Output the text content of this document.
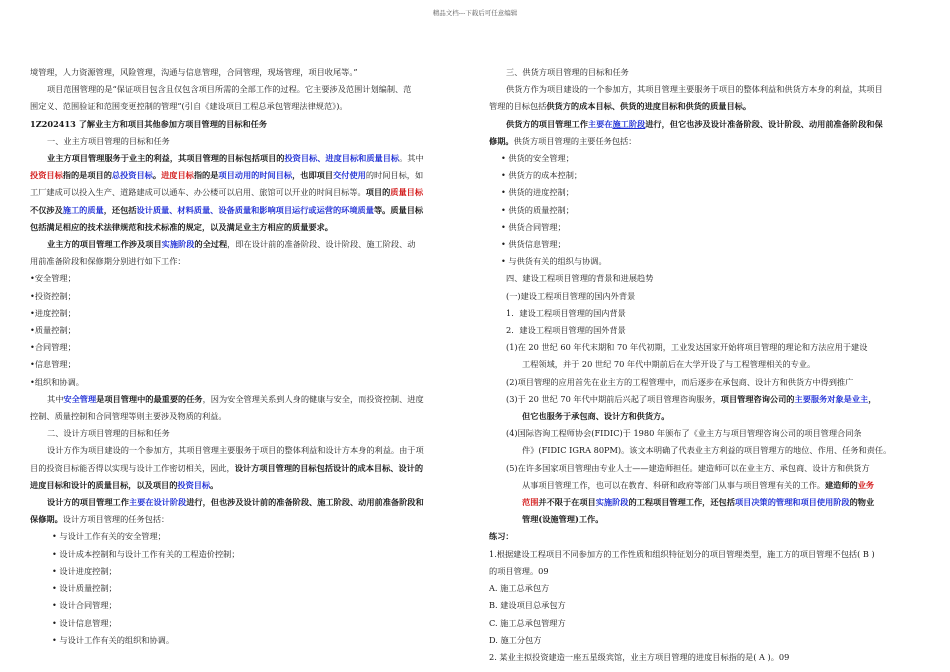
精品文档---下载后可任意编辑

境管理，人力资源管理，风险管理，沟通与信息管理，合同管理，现场管理，项目收尾等。”

项目范围管理的是“保证项目包含且仅包含项目所需的全部工作的过程。它主要涉及范围计划编制、范

围定义、范围验证和范围变更控制的管理”(引自《建设项目工程总承包管理法律规范》)。

1Z202413 了解业主方和项目其他参加方项目管理的目标和任务

一、业主方项目管理的目标和任务

业主方项目管理服务于业主的利益，其项目管理的目标包括项目的投资目标、进度目标和质量目标。其中

投资目标指的是项目的总投资目标。进度目标指的是项目动用的时间目标，也即项目交付使用的时间目标，如

工厂建成可以投入生产、道路建成可以通车、办公楼可以启用、旅馆可以开业的时间目标等。项目的质量目标

不仅涉及施工的质量，还包括设计质量、材料质量、设备质量和影响项目运行或运营的环境质量等。质量目标

包括满足相应的技术法律规范和技术标准的规定，以及满足业主方相应的质量要求。

业主方的项目管理工作涉及项目实施阶段的全过程，即在设计前的准备阶段、设计阶段、施工阶段、动

用前准备阶段和保修期分别进行如下工作：

•安全管理；

•投资控制；

•进度控制；

•质量控制；

•合同管理；

•信息管理；

•组织和协调。

其中安全管理是项目管理中的最重要的任务，因为安全管理关系到人身的健康与安全，而投资控制、进度

控制、质量控制和合同管理等则主要涉及物质的利益。

二、设计方项目管理的目标和任务

设计方作为项目建设的一个参加方，其项目管理主要服务于项目的整体利益和设计方本身的利益。由于项

目的投资目标能否得以实现与设计工作密切相关，因此，设计方项目管理的目标包括设计的成本目标、设计的

进度目标和设计的质量目标，以及项目的投资目标。

设计方的项目管理工作主要在设计阶段进行，但也涉及设计前的准备阶段、施工阶段、动用前准备阶段和

保修期。设计方项目管理的任务包括：

• 与设计工作有关的安全管理；

• 设计成本控制和与设计工作有关的工程造价控制；

• 设计进度控制；

• 设计质量控制；

• 设计合同管理；

• 设计信息管理；

• 与设计工作有关的组织和协调。

三、供货方项目管理的目标和任务

供货方作为项目建设的一个参加方，其项目管理主要服务于项目的整体利益和供货方本身的利益，其项目

管理的目标包括供货方的成本目标、供货的进度目标和供货的质量目标。

供货方的项目管理工作主要在施工阶段进行，但它也涉及设计准备阶段、设计阶段、动用前准备阶段和保

修期。供货方项目管理的主要任务包括：

• 供货的安全管理；

• 供货方的成本控制；

• 供货的进度控制；

• 供货的质量控制；

• 供货合同管理；

• 供货信息管理；

• 与供货有关的组织与协调。

四、建设工程项目管理的背景和进展趋势

(一)建设工程项目管理的国内外背景

1．建设工程项目管理的国内背景

2．建设工程项目管理的国外背景

(1)在 20 世纪 60 年代末期和 70 年代初期，工业发达国家开始将项目管理的理论和方法应用于建设

工程领域，并于 20 世纪 70 年代中期前后在大学开设了与工程管理相关的专业。

(2)项目管理的应用首先在业主方的工程管理中，而后逐步在承包商、设计方和供货方中得到推广

(3)于 20 世纪 70 年代中期前后兴起了项目管理咨询服务，项目管理咨询公司的主要服务对象是业主，

但它也服务于承包商、设计方和供货方。

(4)国际咨询工程师协会(FIDIC)于 1980 年颁布了《业主方与项目管理咨询公司的项目管理合同条

件》(FIDIC IGRA 80PM)。该文本明确了代表业主方利益的项目管理方的地位、作用、任务和责任。

(5)在许多国家项目管理由专业人士——建造师担任。建造师可以在业主方、承包商、设计方和供货方

从事项目管理工作，也可以在教育、科研和政府等部门从事与项目管理有关的工作。建造师的业务

范围并不限于在项目实施阶段的工程项目管理工作，还包括项目决策的管理和项目使用阶段的物业

管理(设施管理)工作。

练习：

1.根据建设工程项目不同参加方的工作性质和组织特征划分的项目管理类型，施工方的项目管理不包括( B )

的项目管理。09

A. 施工总承包方

B. 建设项目总承包方

C. 施工总承包管理方

D. 施工分包方

2. 某业主拟投资建造一座五星级宾馆，业主方项目管理的进度目标指的是( A )。09
